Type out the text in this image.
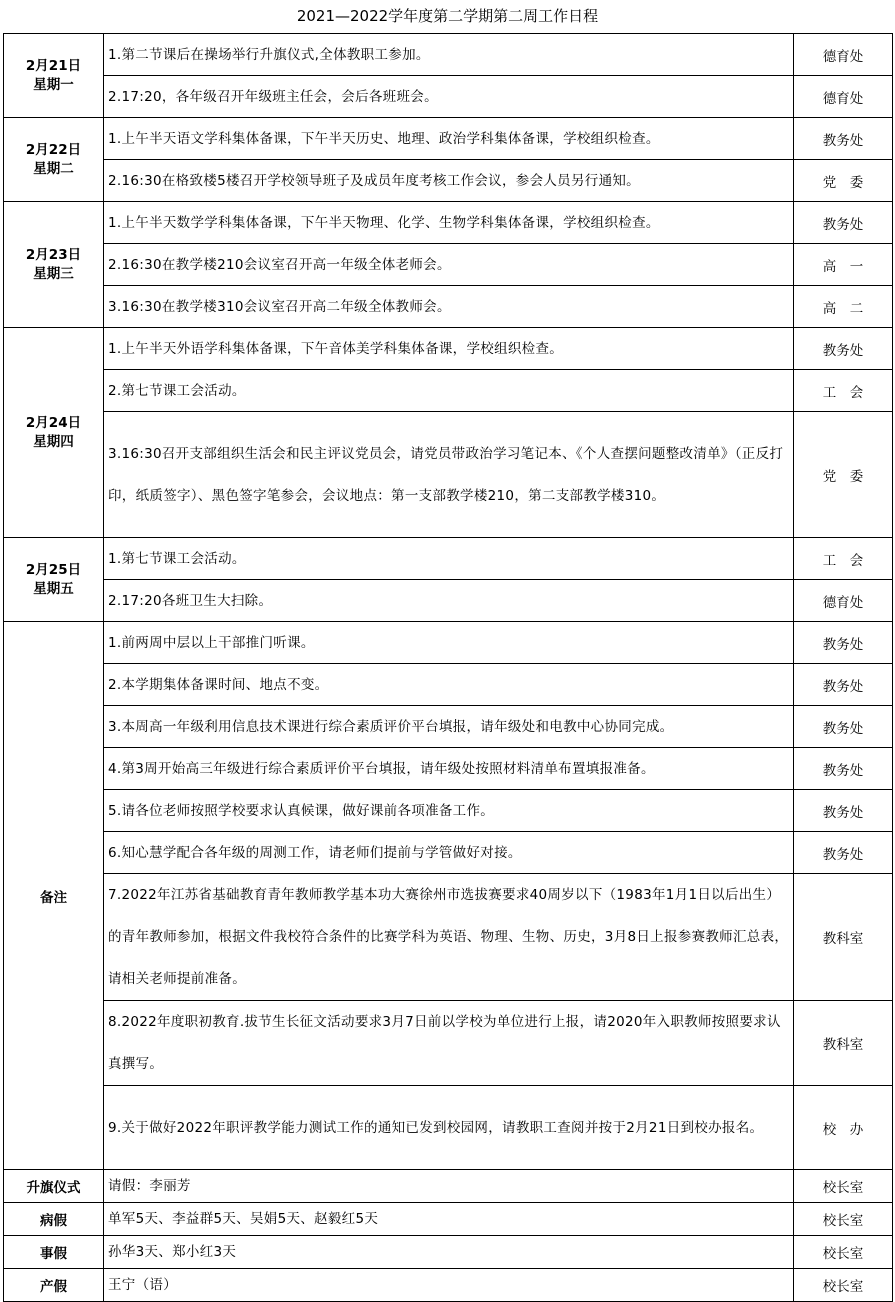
2021—2022学年度第二学期第二周工作日程
2月21日
星期一	1.第二节课后在操场举行升旗仪式,全体教职工参加。	德育处
	2.17:20，各年级召开年级班主任会，会后各班班会。	德育处

2月22日
星期二	1.上午半天语文学科集体备课，下午半天历史、地理、政治学科集体备课，学校组织检查。	教务处
	2.16:30在格致楼5楼召开学校领导班子及成员年度考核工作会议，参会人员另行通知。	党　委

2月23日
星期三	1.上午半天数学学科集体备课，下午半天物理、化学、生物学科集体备课，学校组织检查。	教务处
	2.16:30在教学楼210会议室召开高一年级全体老师会。	高　一
	3.16:30在教学楼310会议室召开高二年级全体教师会。	高　二

2月24日
星期四	1.上午半天外语学科集体备课，下午音体美学科集体备课，学校组织检查。	教务处
	2.第七节课工会活动。	工　会
	3.16:30召开支部组织生活会和民主评议党员会，请党员带政治学习笔记本、《个人查摆问题整改清单》（正反打印，纸质签字）、黑色签字笔参会，会议地点：第一支部教学楼210，第二支部教学楼310。	党　委

2月25日
星期五	1.第七节课工会活动。	工　会
	2.17:20各班卫生大扫除。	德育处
备注	1.前两周中层以上干部推门听课。	教务处
	2.本学期集体备课时间、地点不变。	教务处
	3.本周高一年级利用信息技术课进行综合素质评价平台填报，请年级处和电教中心协同完成。	教务处
	4.第3周开始高三年级进行综合素质评价平台填报，请年级处按照材料清单布置填报准备。	教务处
	5.请各位老师按照学校要求认真候课，做好课前各项准备工作。	教务处
	6.知心慧学配合各年级的周测工作，请老师们提前与学管做好对接。	教务处
	7.2022年江苏省基础教育青年教师教学基本功大赛徐州市选拔赛要求40周岁以下（1983年1月1日以后出生）的青年教师参加，根据文件我校符合条件的比赛学科为英语、物理、生物、历史，3月8日上报参赛教师汇总表，请相关老师提前准备。	教科室
	8.2022年度职初教育.拔节生长征文活动要求3月7日前以学校为单位进行上报，请2020年入职教师按照要求认真撰写。	教科室
	9.关于做好2022年职评教学能力测试工作的通知已发到校园网，请教职工查阅并按于2月21日到校办报名。	校　办
升旗仪式	请假：李丽芳	校长室
病假	单军5天、李益群5天、吴娟5天、赵毅红5天	校长室
事假	孙华3天、郑小红3天	校长室
产假	王宁（语）	校长室
